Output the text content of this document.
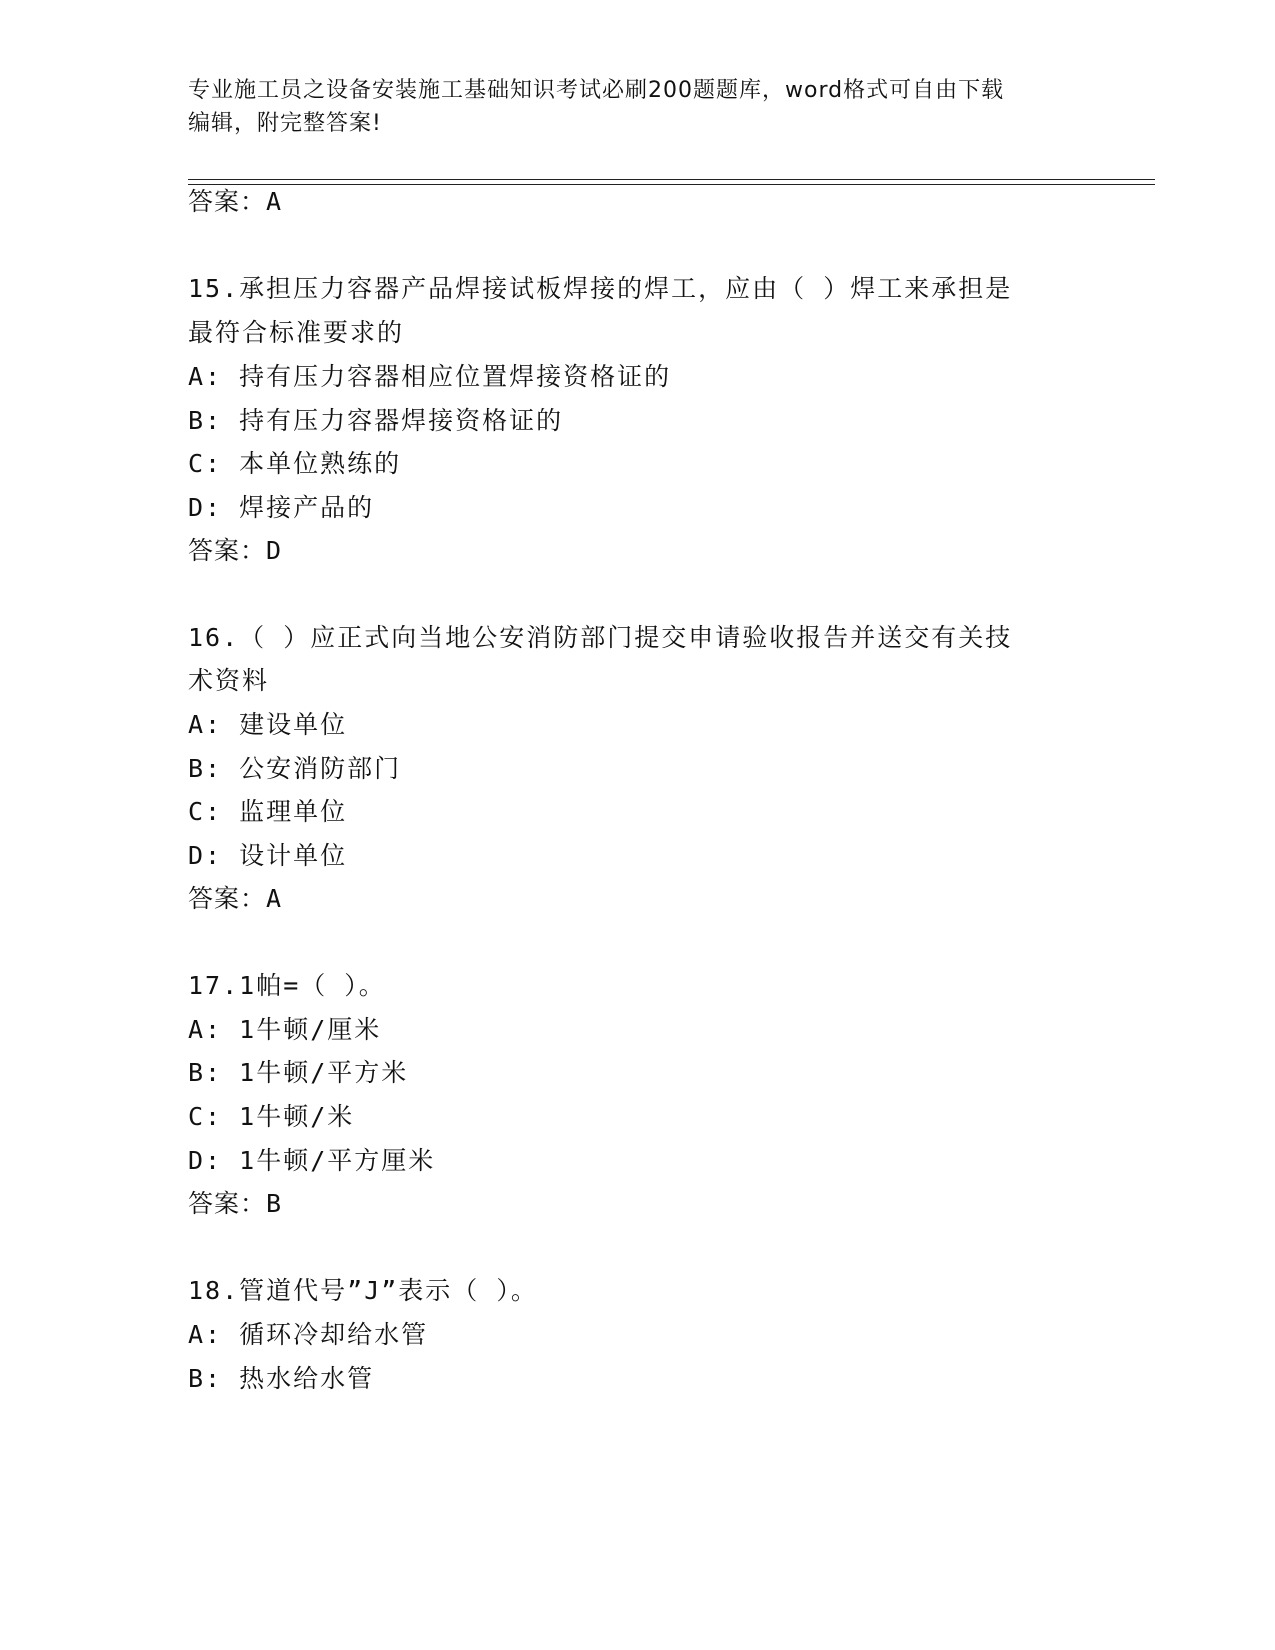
专业施工员之设备安装施工基础知识考试必刷200题题库，word格式可自由下载
编辑，附完整答案!
答案：A
15.承担压力容器产品焊接试板焊接的焊工，应由（ ）焊工来承担是
最符合标准要求的
A: 持有压力容器相应位置焊接资格证的
B: 持有压力容器焊接资格证的
C: 本单位熟练的
D: 焊接产品的
答案：D
16.（ ）应正式向当地公安消防部门提交申请验收报告并送交有关技
术资料
A: 建设单位
B: 公安消防部门
C: 监理单位
D: 设计单位
答案：A
17.1帕=（ ）。
A: 1牛顿/厘米
B: 1牛顿/平方米
C: 1牛顿/米
D: 1牛顿/平方厘米
答案：B
18.管道代号”J”表示（ ）。
A: 循环冷却给水管
B: 热水给水管
